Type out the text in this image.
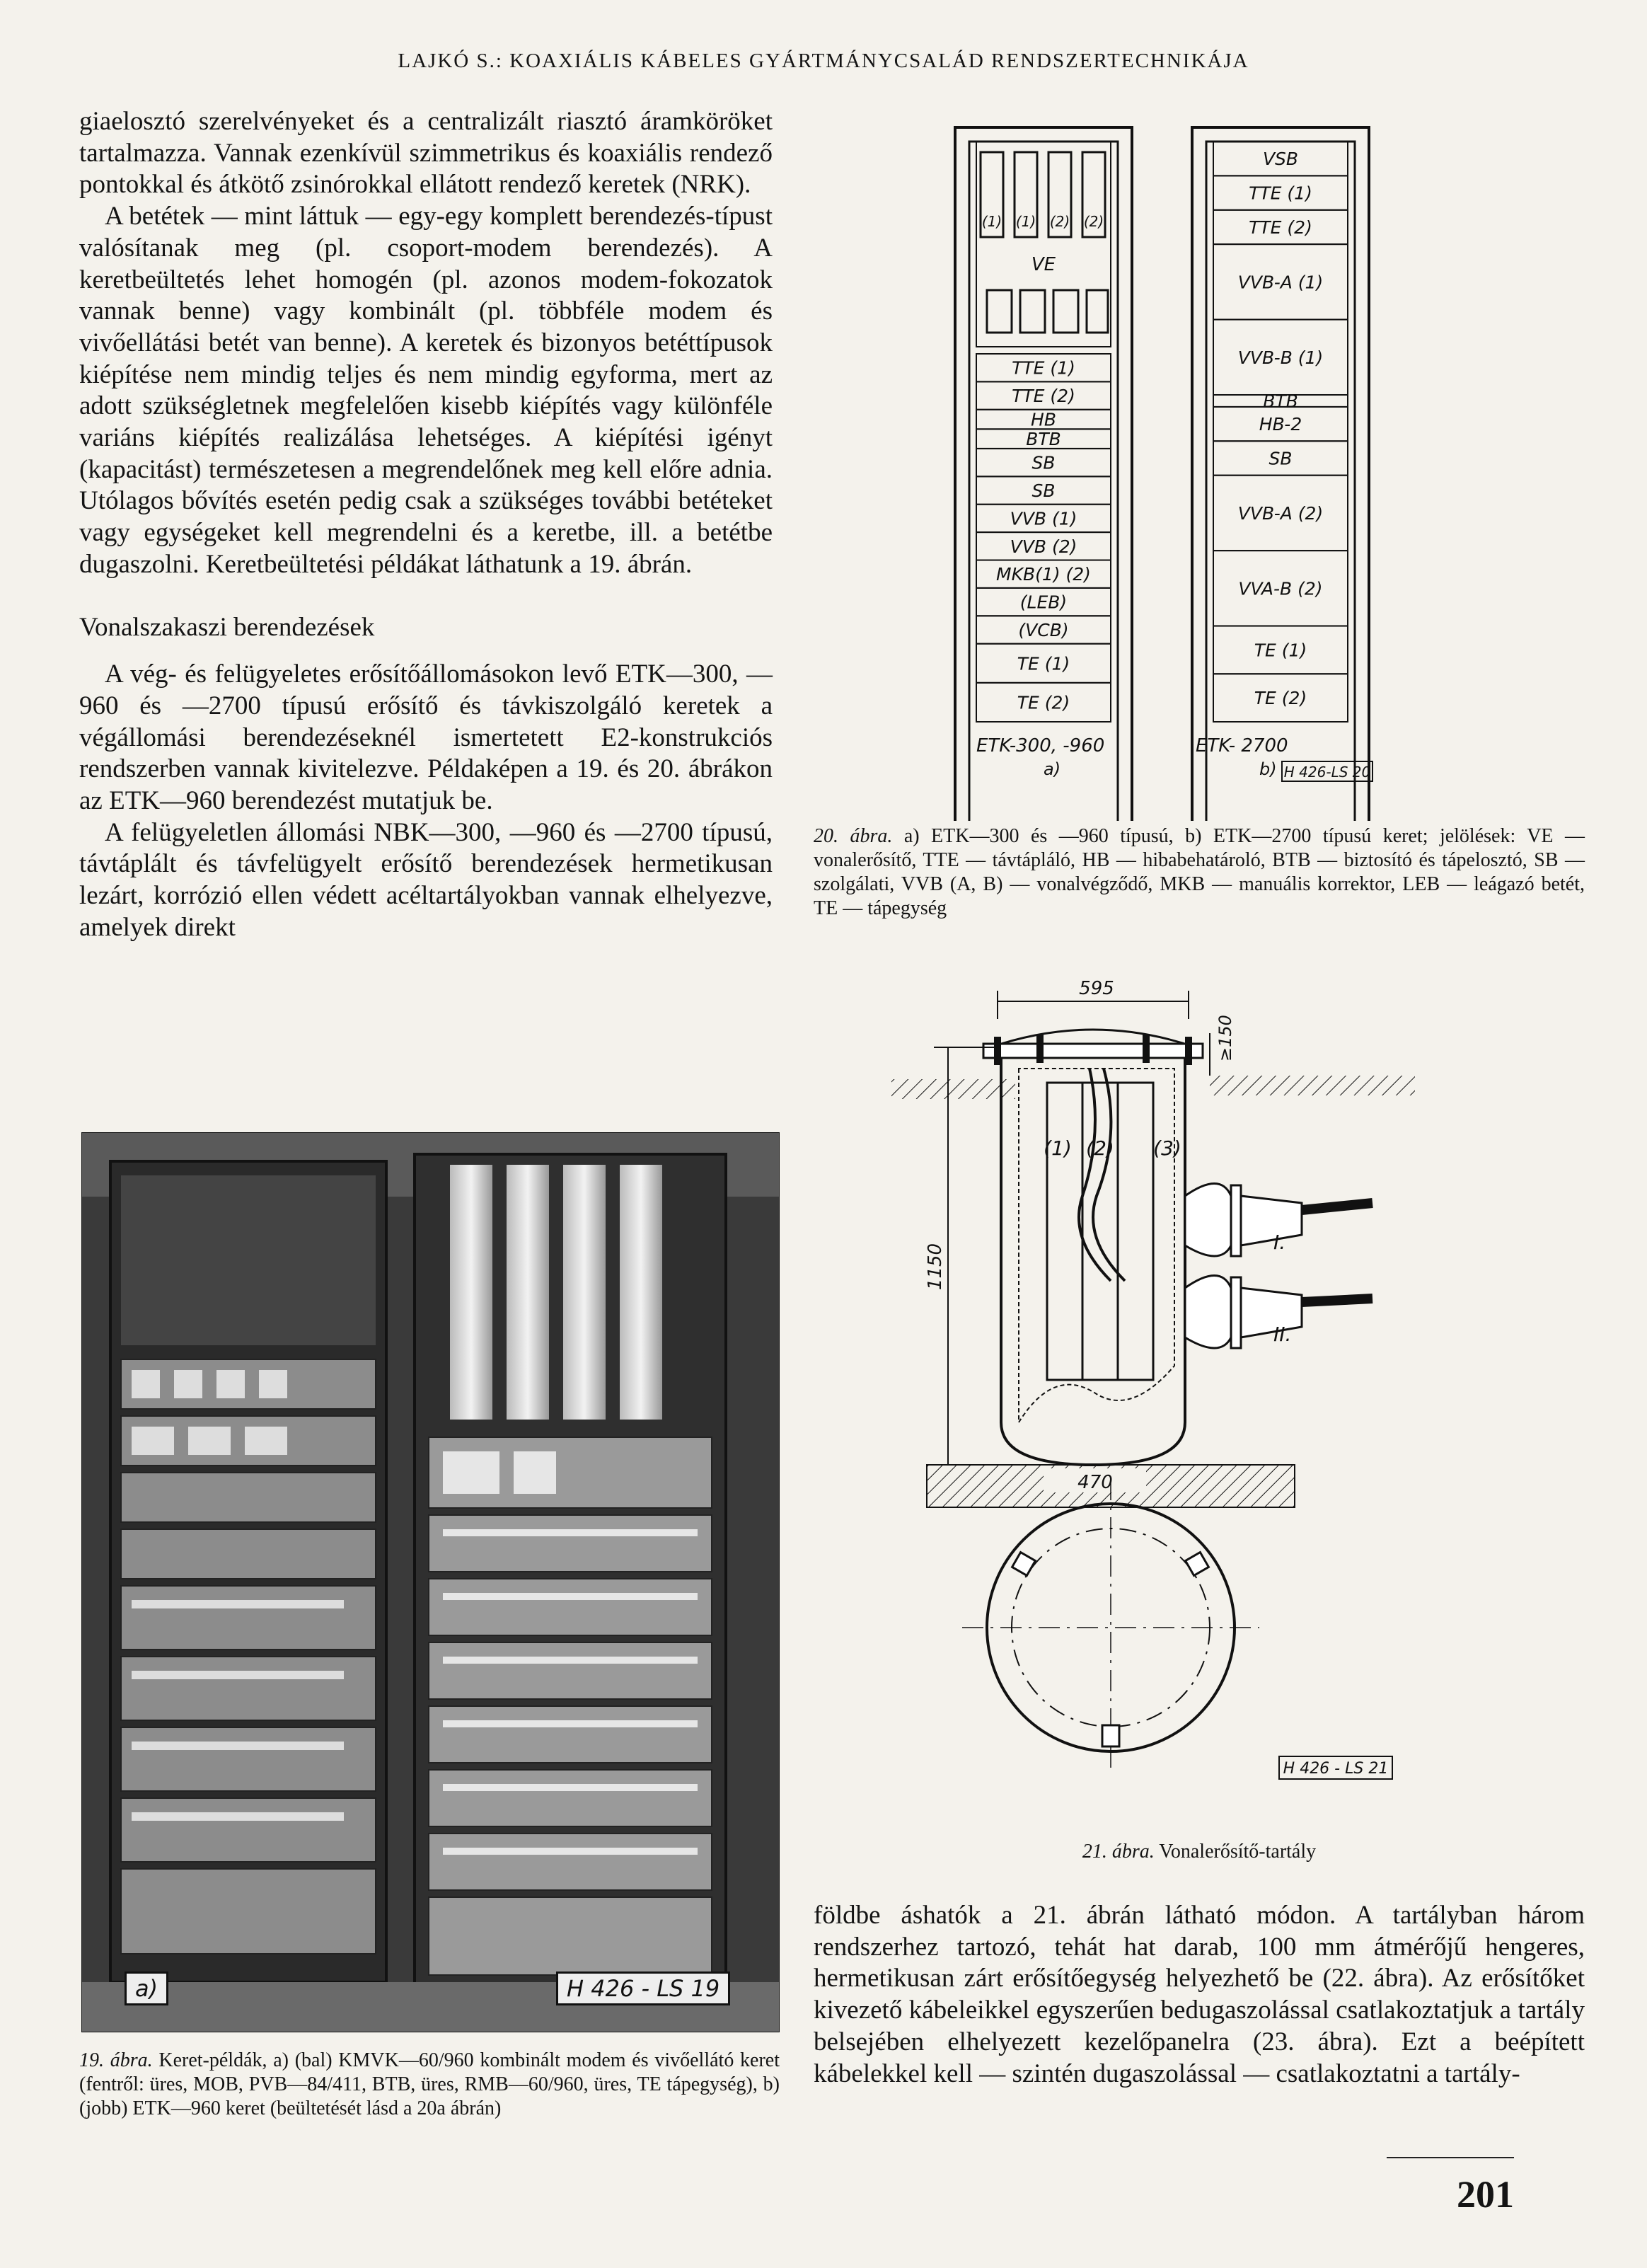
LAJKÓ S.: KOAXIÁLIS KÁBELES GYÁRTMÁNYCSALÁD RENDSZERTECHNIKÁJA

giaelosztó szerelvényeket és a centralizált riasztó áramköröket tartalmazza. Vannak ezenkívül szimmetrikus és koaxiális rendező pontokkal és átkötő zsinórokkal ellátott rendező keretek (NRK).

A betétek — mint láttuk — egy-egy komplett berendezés-típust valósítanak meg (pl. csoport-modem berendezés). A keretbeültetés lehet homogén (pl. azonos modem-fokozatok vannak benne) vagy kombinált (pl. többféle modem és vivőellátási betét van benne). A keretek és bizonyos betéttípusok kiépítése nem mindig teljes és nem mindig egyforma, mert az adott szükségletnek megfelelően kisebb kiépítés vagy különféle variáns kiépítés realizálása lehetséges. A kiépítési igényt (kapacitást) természetesen a megrendelőnek meg kell előre adnia. Utólagos bővítés esetén pedig csak a szükséges további betéteket vagy egységeket kell megrendelni és a keretbe, ill. a betétbe dugaszolni. Keretbeültetési példákat láthatunk a 19. ábrán.

Vonalszakaszi berendezések

A vég- és felügyeletes erősítőállomásokon levő ETK—300, —960 és —2700 típusú erősítő és távkiszolgáló keretek a végállomási berendezéseknél ismertetett E2-konstrukciós rendszerben vannak kivitelezve. Példaképen a 19. és 20. ábrákon az ETK—960 berendezést mutatjuk be.

A felügyeletlen állomási NBK—300, —960 és —2700 típusú, távtáplált és távfelügyelt erősítő berendezések hermetikusan lezárt, korrózió ellen védett acéltartályokban vannak elhelyezve, amelyek direkt

a)	H 426 - LS 19
19. ábra. Keret-példák, a) (bal) KMVK—60/960 kombinált modem és vivőellátó keret (fentről: üres, MOB, PVB—84/411, BTB, üres, RMB—60/960, üres, TE tápegység), b) (jobb) ETK—960 keret (beültetését lásd a 20a ábrán)
(1) (1) (2) (2)
VE
TTE (1)
TTE (2)
HB
BTB
SB
SB
VVB (1)
VVB (2)
MKB(1) (2)
(LEB)
(VCB)
TE (1)
TE (2)
ETK-300, -960
a)
VSB
TTE (1)
TTE (2)
VVB-A (1)
VVB-B (1)
BTB
HB-2
SB
VVB-A (2)
VVA-B (2)
TE (1)
TE (2)
ETK- 2700
b) H 426-LS 20
20. ábra. a) ETK—300 és —960 típusú, b) ETK—2700 típusú keret; jelölések: VE — vonalerősítő, TTE — távtápláló, HB — hibabehatároló, BTB — biztosító és tápelosztó, SB — szolgálati, VVB (A, B) — vonalvégződő, MKB — manuális korrektor, LEB — leágazó betét, TE — tápegység
595
≥150
(1) (2) (3)
I.
II.
1150
470
H 426 - LS 21
21. ábra. Vonalerősítő-tartály

földbe áshatók a 21. ábrán látható módon. A tartályban három rendszerhez tartozó, tehát hat darab, 100 mm átmérőjű hengeres, hermetikusan zárt erősítőegység helyezhető be (22. ábra). Az erősítőket kivezető kábeleikkel egyszerűen bedugaszolással csatlakoztatjuk a tartály belsejében elhelyezett kezelőpanelra (23. ábra). Ezt a beépített kábelekkel kell — szintén dugaszolással — csatlakoztatni a tartály-

201
